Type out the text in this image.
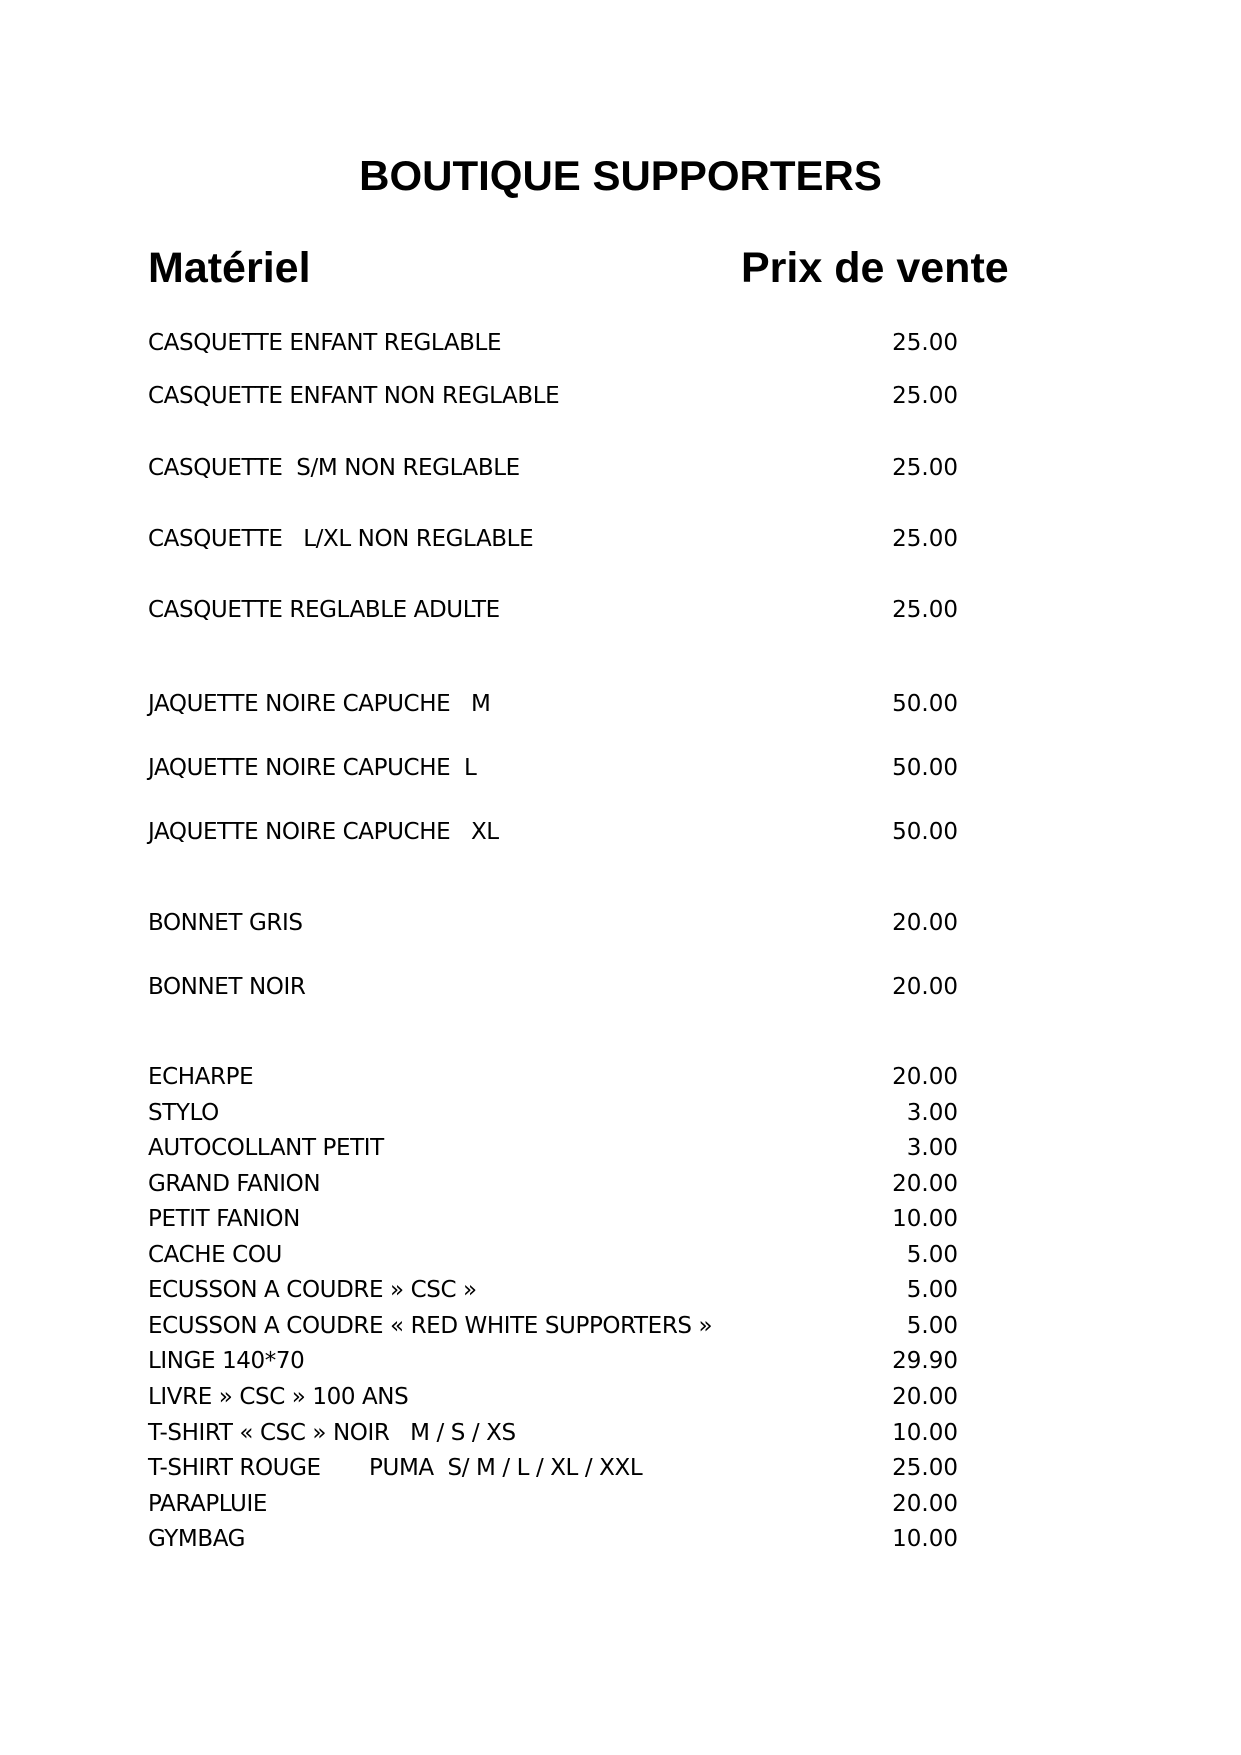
BOUTIQUE SUPPORTERS
Matériel	Prix de vente
CASQUETTE ENFANT REGLABLE	25.00
CASQUETTE ENFANT NON REGLABLE	25.00
CASQUETTE  S/M NON REGLABLE	25.00
CASQUETTE   L/XL NON REGLABLE	25.00
CASQUETTE REGLABLE ADULTE	25.00
JAQUETTE NOIRE CAPUCHE   M	50.00
JAQUETTE NOIRE CAPUCHE  L	50.00
JAQUETTE NOIRE CAPUCHE   XL	50.00
BONNET GRIS	20.00
BONNET NOIR	20.00
ECHARPE	20.00
STYLO	3.00
AUTOCOLLANT PETIT	3.00
GRAND FANION	20.00
PETIT FANION	10.00
CACHE COU	5.00
ECUSSON A COUDRE » CSC »	5.00
ECUSSON A COUDRE « RED WHITE SUPPORTERS »	5.00
LINGE 140*70	29.90
LIVRE » CSC » 100 ANS	20.00
T-SHIRT « CSC » NOIR   M / S / XS	10.00
T-SHIRT ROUGE       PUMA  S/ M / L / XL / XXL	25.00
PARAPLUIE	20.00
GYMBAG	10.00
